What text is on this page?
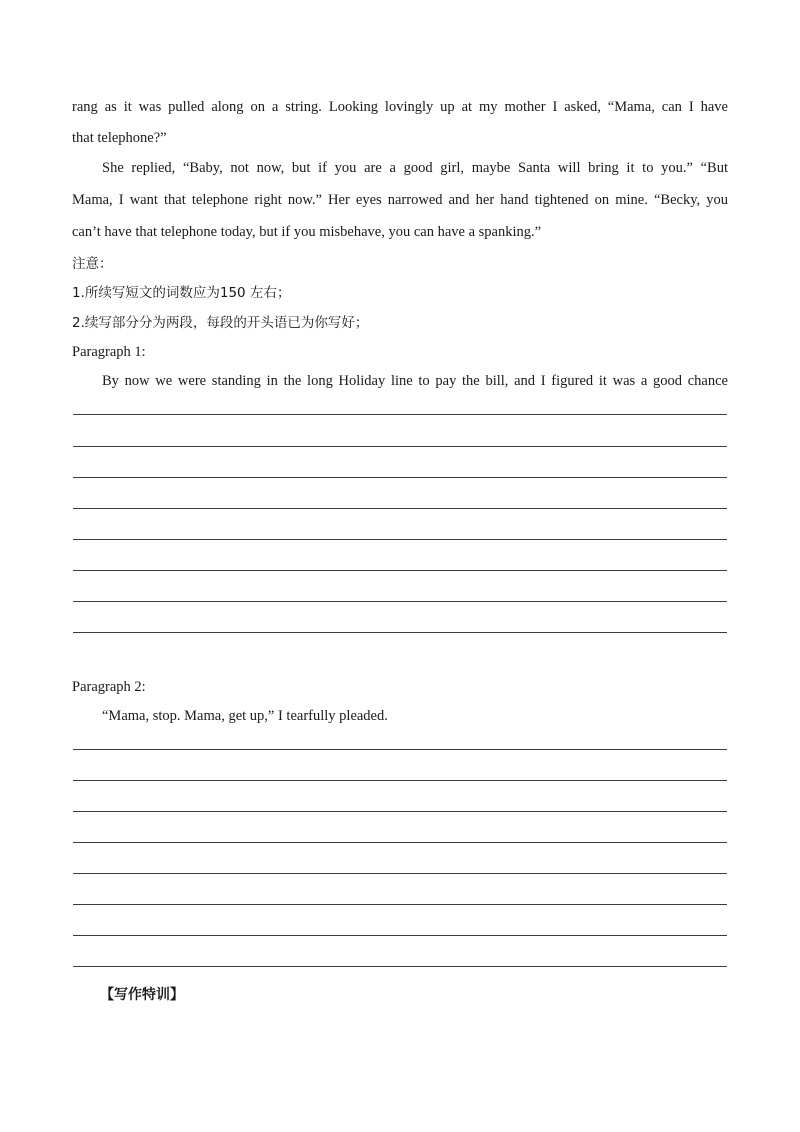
rang as it was pulled along on a string. Looking lovingly up at my mother I asked, “Mama, can I have
that telephone?”
She replied, “Baby, not now, but if you are a good girl, maybe Santa will bring it to you.” “But
Mama, I want that telephone right now.” Her eyes narrowed and her hand tightened on mine. “Becky, you
can’t have that telephone today, but if you misbehave, you can have a spanking.”
注意：
1.所续写短文的词数应为150 左右；
2.续写部分分为两段，每段的开头语已为你写好；
Paragraph 1:
By now we were standing in the long Holiday line to pay the bill, and I figured it was a good chance
Paragraph 2:
“Mama, stop. Mama, get up,” I tearfully pleaded.
【写作特训】
